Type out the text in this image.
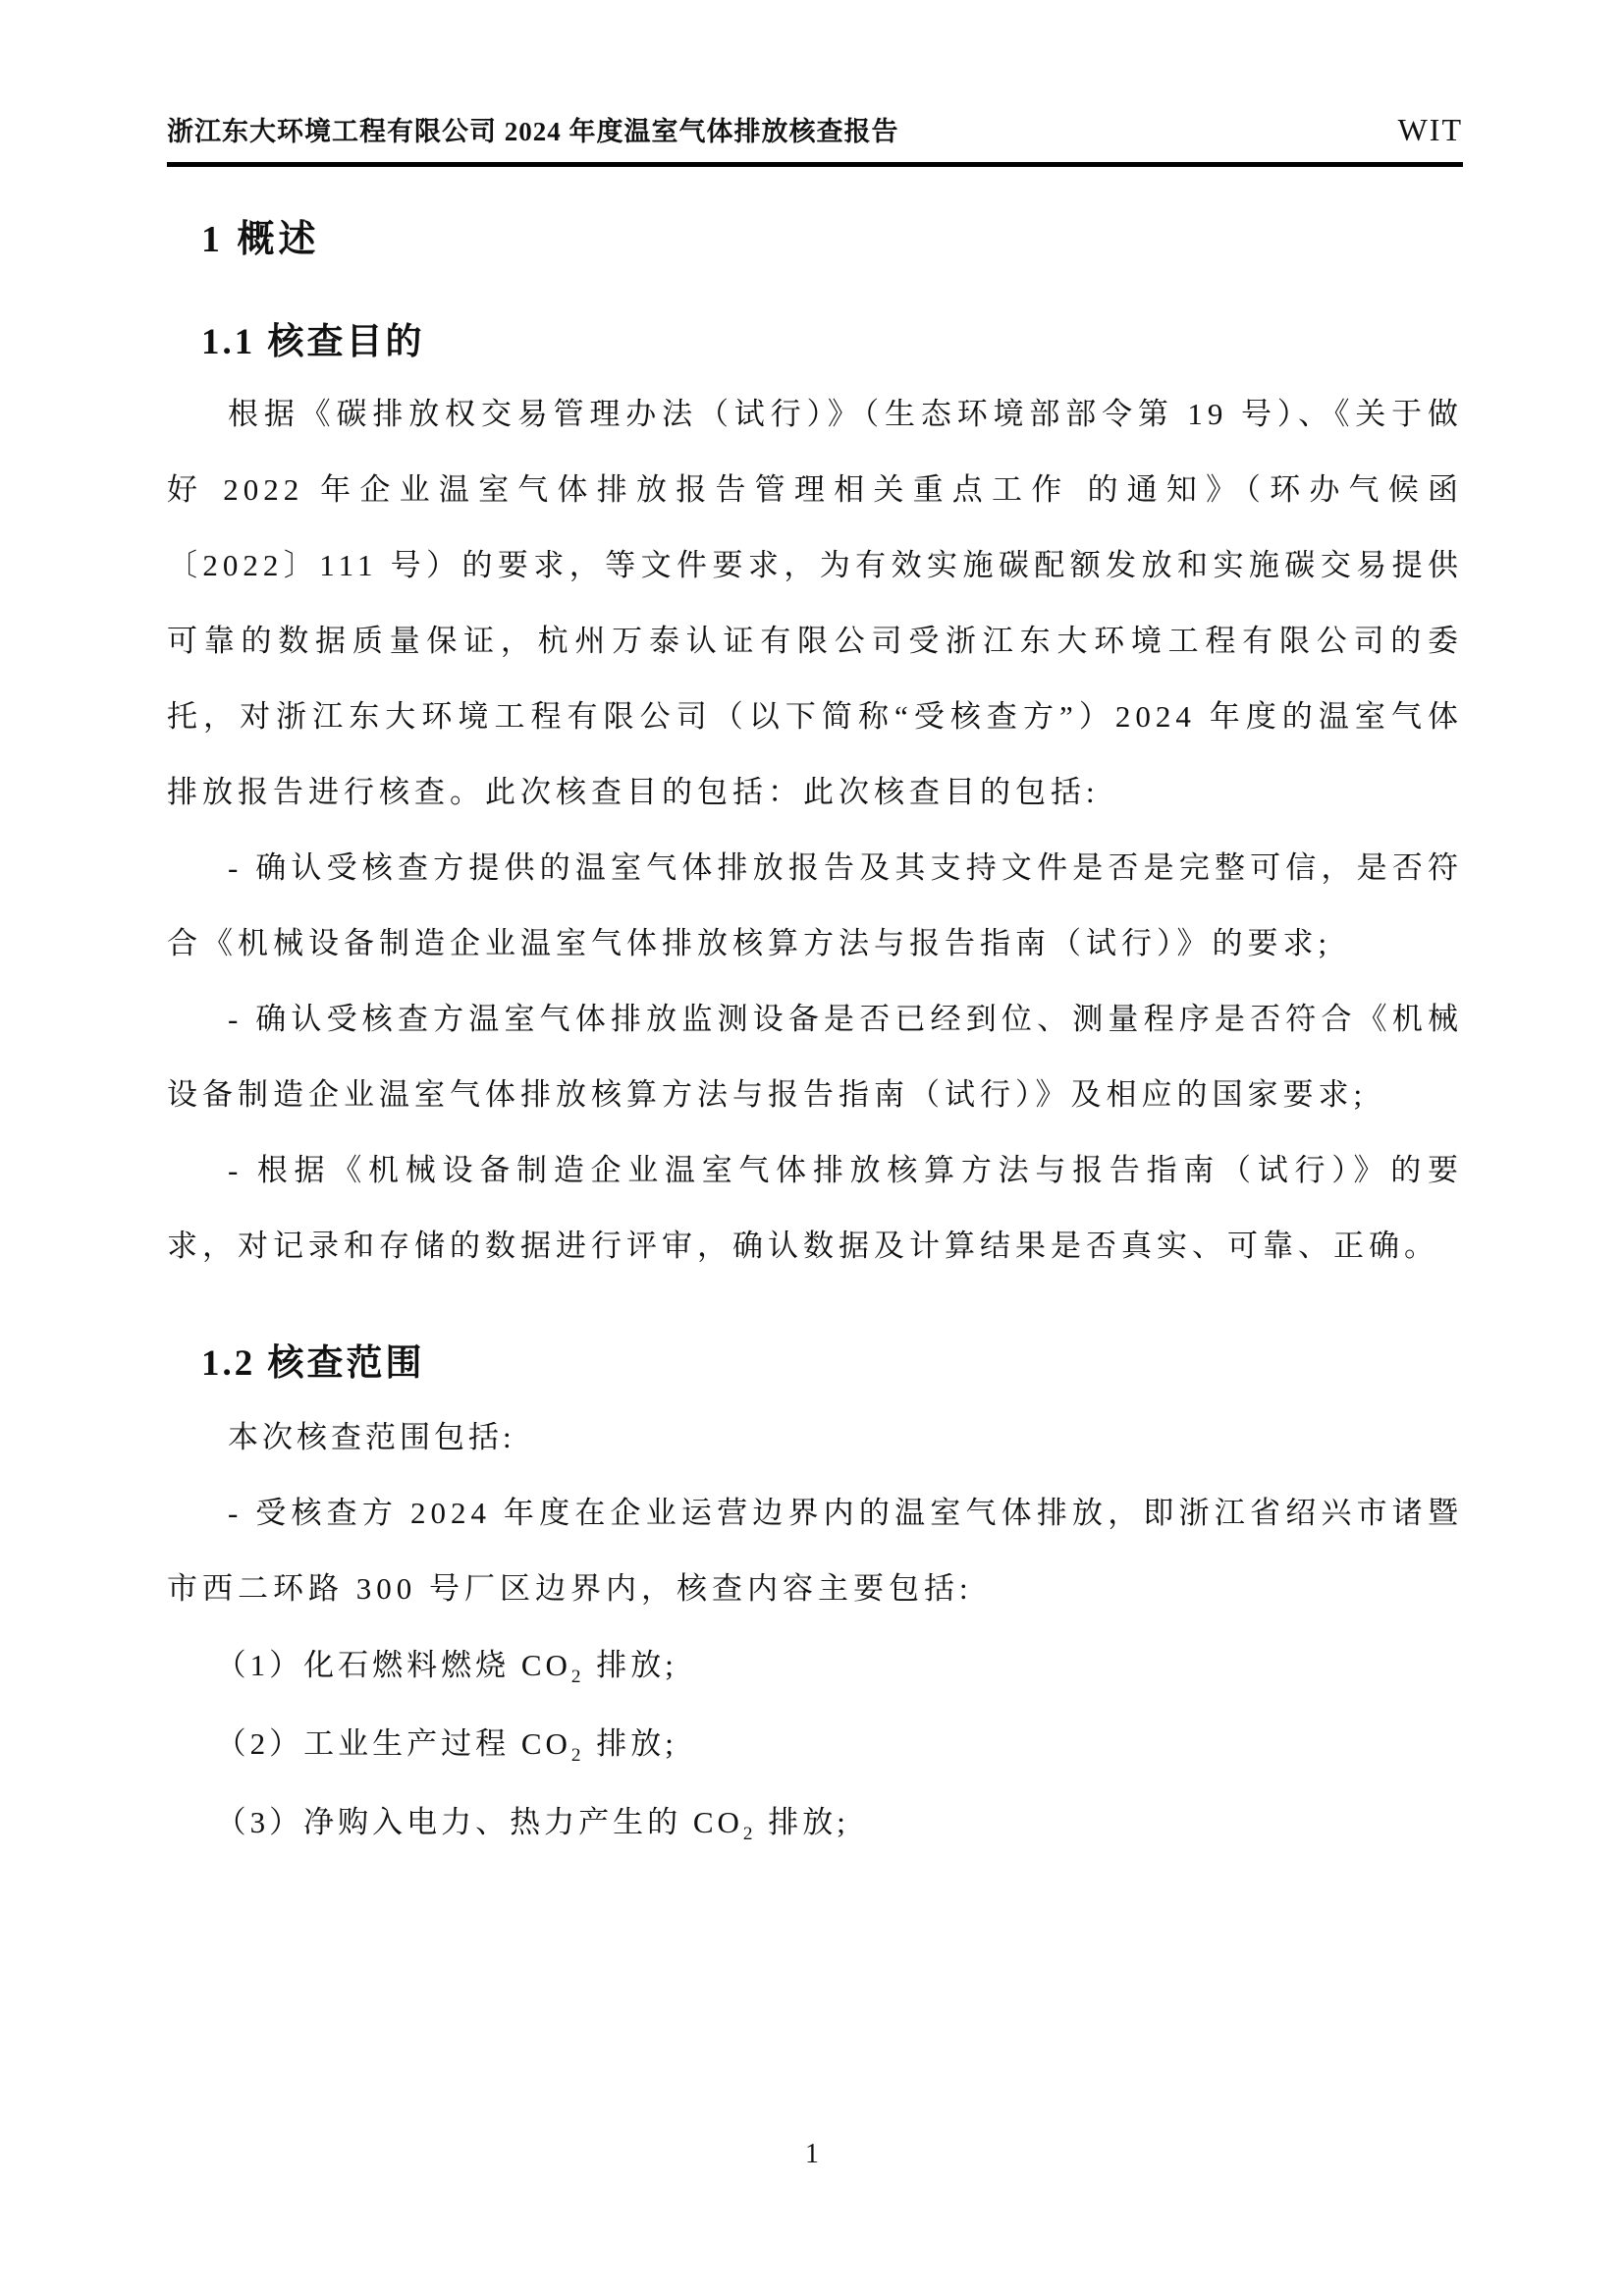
浙江东大环境工程有限公司 2024 年度温室气体排放核查报告	WIT
1 概述
1.1 核查目的

根据《碳排放权交易管理办法（试行）》（生态环境部部令第 19 号）、《关于做好 2022 年企业温室气体排放报告管理相关重点工作 的通知》（环办气候函〔2022〕111 号）的要求，等文件要求，为有效实施碳配额发放和实施碳交易提供可靠的数据质量保证，杭州万泰认证有限公司受浙江东大环境工程有限公司的委托，对浙江东大环境工程有限公司（以下简称“受核查方”）2024 年度的温室气体排放报告进行核查。此次核查目的包括：此次核查目的包括:

- 确认受核查方提供的温室气体排放报告及其支持文件是否是完整可信，是否符合《机械设备制造企业温室气体排放核算方法与报告指南（试行）》的要求;

- 确认受核查方温室气体排放监测设备是否已经到位、测量程序是否符合《机械设备制造企业温室气体排放核算方法与报告指南（试行）》及相应的国家要求;

- 根据《机械设备制造企业温室气体排放核算方法与报告指南（试行）》的要求，对记录和存储的数据进行评审，确认数据及计算结果是否真实、可靠、正确。

1.2 核查范围

本次核查范围包括:

- 受核查方 2024 年度在企业运营边界内的温室气体排放，即浙江省绍兴市诸暨市西二环路 300 号厂区边界内，核查内容主要包括:

（1）化石燃料燃烧 $CO_2$ 排放;

（2）工业生产过程 $CO_2$ 排放;

（3）净购入电力、热力产生的 $CO_2$ 排放;

1
